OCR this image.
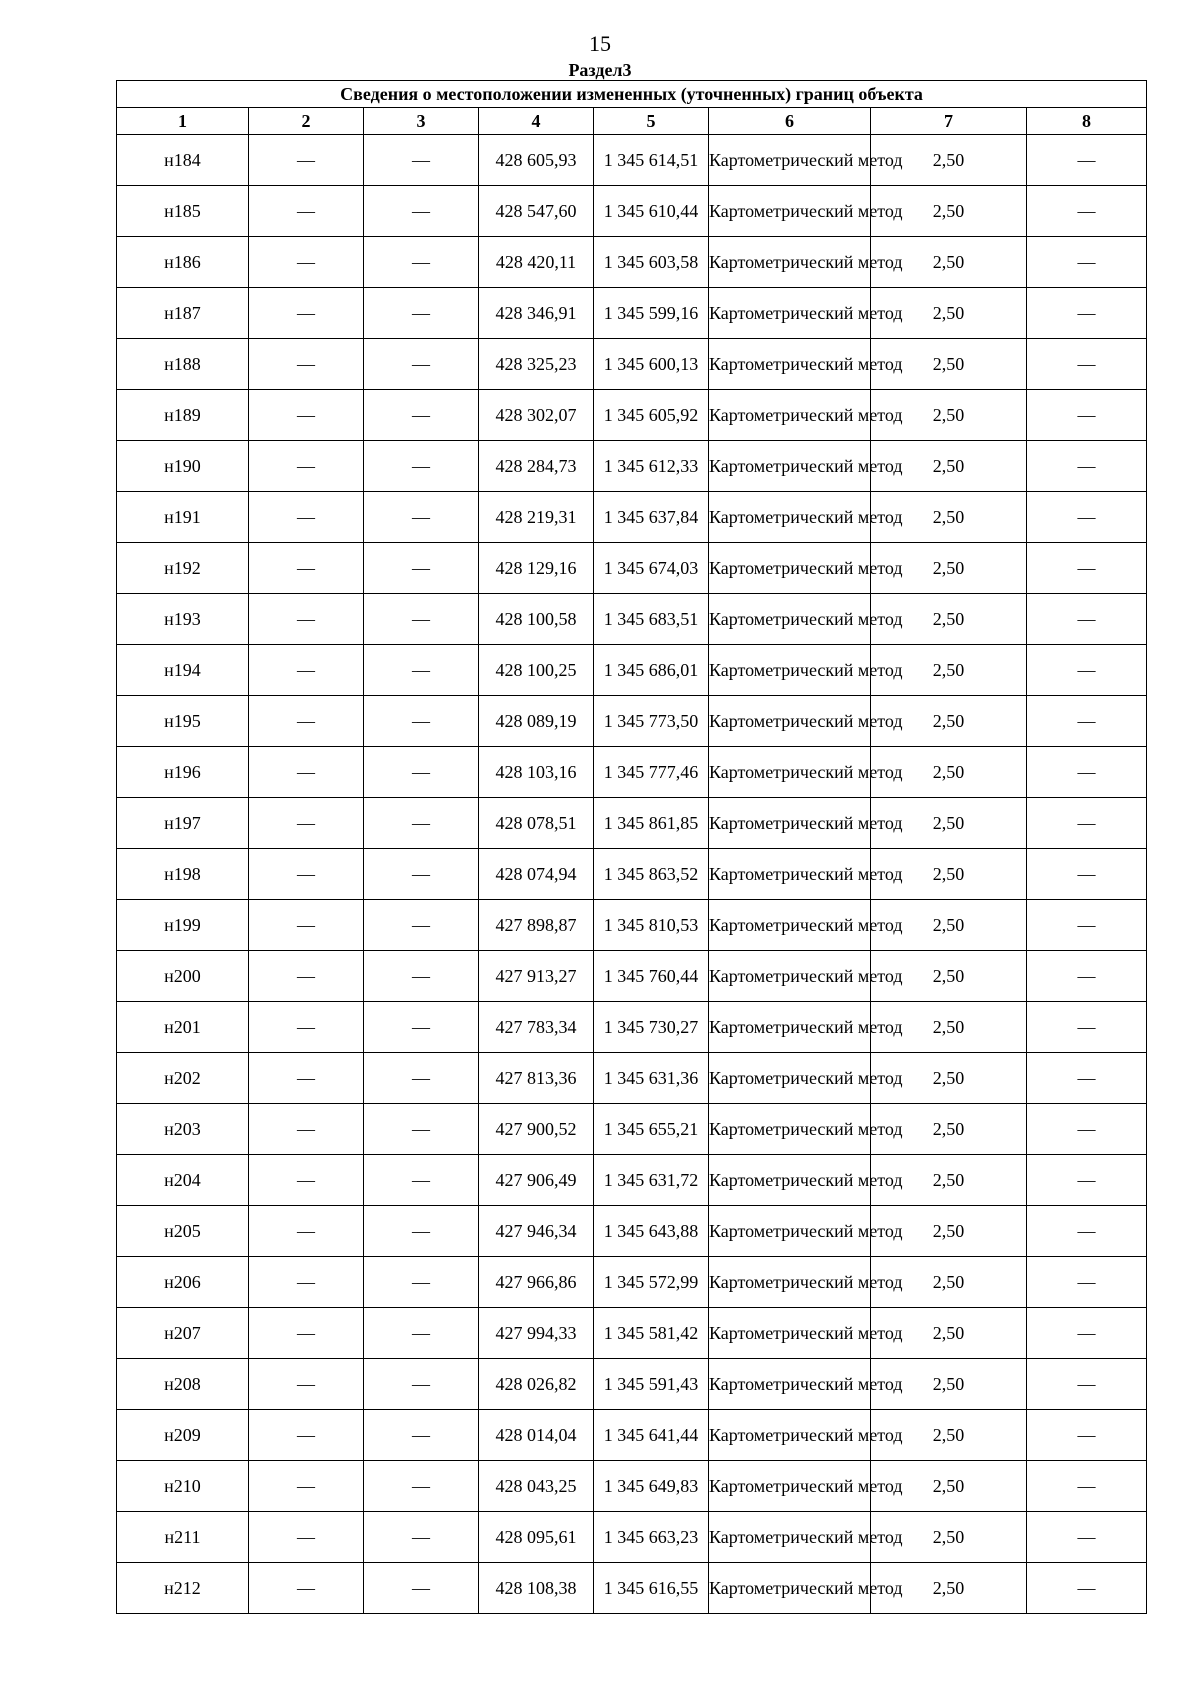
15
Раздел3
Сведения о местоположении измененных (уточненных) границ объекта							
1	2	3	4	5	6	7	8
н184	—	—	428 605,93	1 345 614,51	Картометрический метод	2,50	—
н185	—	—	428 547,60	1 345 610,44	Картометрический метод	2,50	—
н186	—	—	428 420,11	1 345 603,58	Картометрический метод	2,50	—
н187	—	—	428 346,91	1 345 599,16	Картометрический метод	2,50	—
н188	—	—	428 325,23	1 345 600,13	Картометрический метод	2,50	—
н189	—	—	428 302,07	1 345 605,92	Картометрический метод	2,50	—
н190	—	—	428 284,73	1 345 612,33	Картометрический метод	2,50	—
н191	—	—	428 219,31	1 345 637,84	Картометрический метод	2,50	—
н192	—	—	428 129,16	1 345 674,03	Картометрический метод	2,50	—
н193	—	—	428 100,58	1 345 683,51	Картометрический метод	2,50	—
н194	—	—	428 100,25	1 345 686,01	Картометрический метод	2,50	—
н195	—	—	428 089,19	1 345 773,50	Картометрический метод	2,50	—
н196	—	—	428 103,16	1 345 777,46	Картометрический метод	2,50	—
н197	—	—	428 078,51	1 345 861,85	Картометрический метод	2,50	—
н198	—	—	428 074,94	1 345 863,52	Картометрический метод	2,50	—
н199	—	—	427 898,87	1 345 810,53	Картометрический метод	2,50	—
н200	—	—	427 913,27	1 345 760,44	Картометрический метод	2,50	—
н201	—	—	427 783,34	1 345 730,27	Картометрический метод	2,50	—
н202	—	—	427 813,36	1 345 631,36	Картометрический метод	2,50	—
н203	—	—	427 900,52	1 345 655,21	Картометрический метод	2,50	—
н204	—	—	427 906,49	1 345 631,72	Картометрический метод	2,50	—
н205	—	—	427 946,34	1 345 643,88	Картометрический метод	2,50	—
н206	—	—	427 966,86	1 345 572,99	Картометрический метод	2,50	—
н207	—	—	427 994,33	1 345 581,42	Картометрический метод	2,50	—
н208	—	—	428 026,82	1 345 591,43	Картометрический метод	2,50	—
н209	—	—	428 014,04	1 345 641,44	Картометрический метод	2,50	—
н210	—	—	428 043,25	1 345 649,83	Картометрический метод	2,50	—
н211	—	—	428 095,61	1 345 663,23	Картометрический метод	2,50	—
н212	—	—	428 108,38	1 345 616,55	Картометрический метод	2,50	—
